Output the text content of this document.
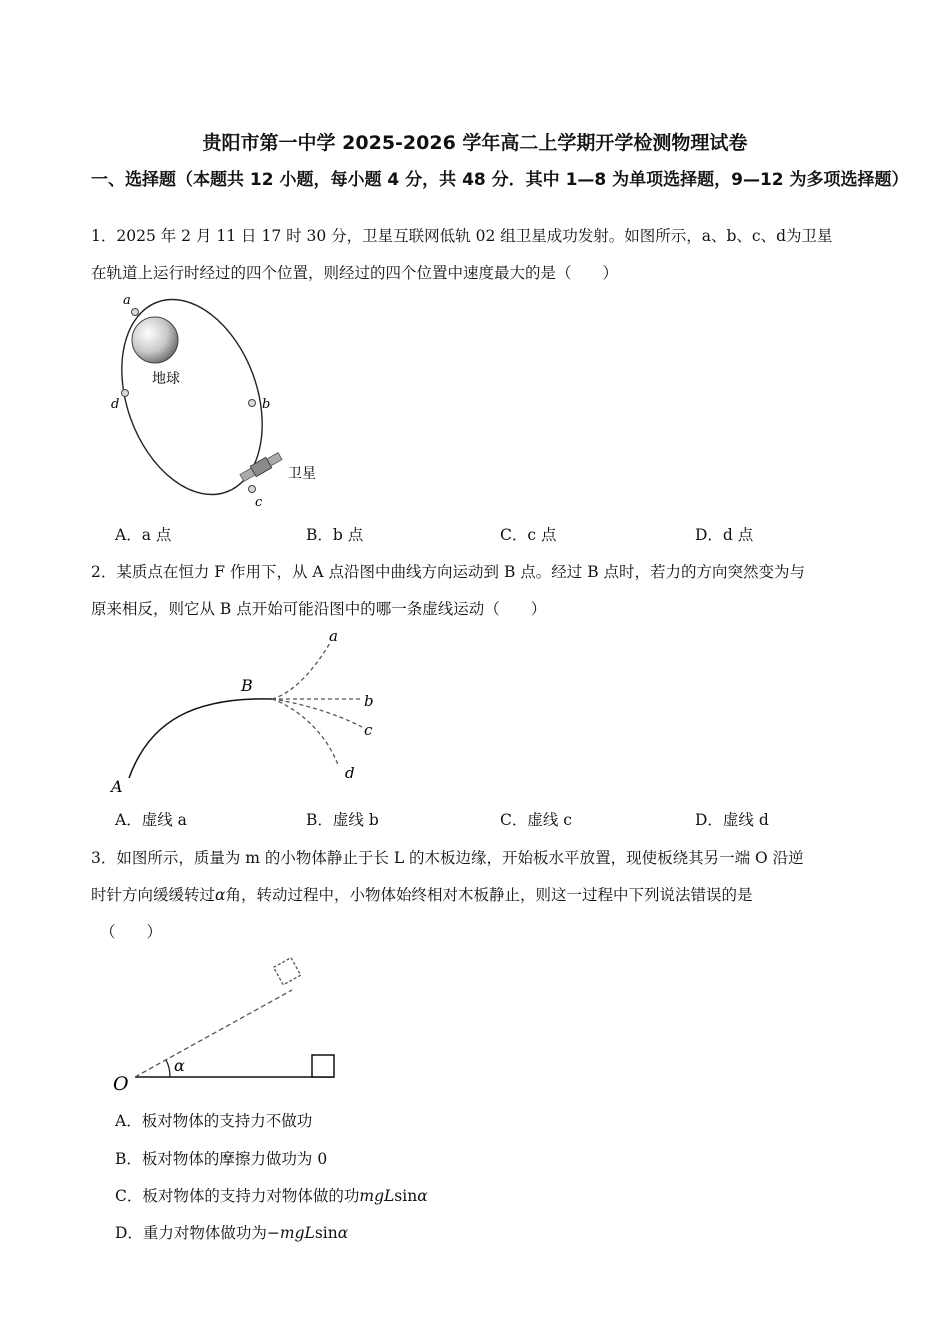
贵阳市第一中学 2025-2026 学年高二上学期开学检测物理试卷
一、选择题（本题共 12 小题，每小题 4 分，共 48 分．其中 1—8 为单项选择题，9—12 为多项选择题）
1．2025 年 2 月 11 日 17 时 30 分，卫星互联网低轨 02 组卫星成功发射。如图所示，a、b、c、d为卫星
在轨道上运行时经过的四个位置，则经过的四个位置中速度最大的是（　　）
a
b
c
d
地球
卫星
A．a 点	B．b 点	C．c 点	D．d 点
2．某质点在恒力 F 作用下，从 A 点沿图中曲线方向运动到 B 点。经过 B 点时，若力的方向突然变为与
原来相反，则它从 B 点开始可能沿图中的哪一条虚线运动（　　）
A
B
a
b
c
d
A．虚线 a	B．虚线 b	C．虚线 c	D．虚线 d
3．如图所示，质量为 m 的小物体静止于长 L 的木板边缘，开始板水平放置，现使板绕其另一端 O 沿逆
时针方向缓缓转过α角，转动过程中，小物体始终相对木板静止，则这一过程中下列说法错误的是
（　　）
α
O
A．板对物体的支持力不做功
B．板对物体的摩擦力做功为 0
C．板对物体的支持力对物体做的功mgLsinα
D．重力对物体做功为−mgLsinα
